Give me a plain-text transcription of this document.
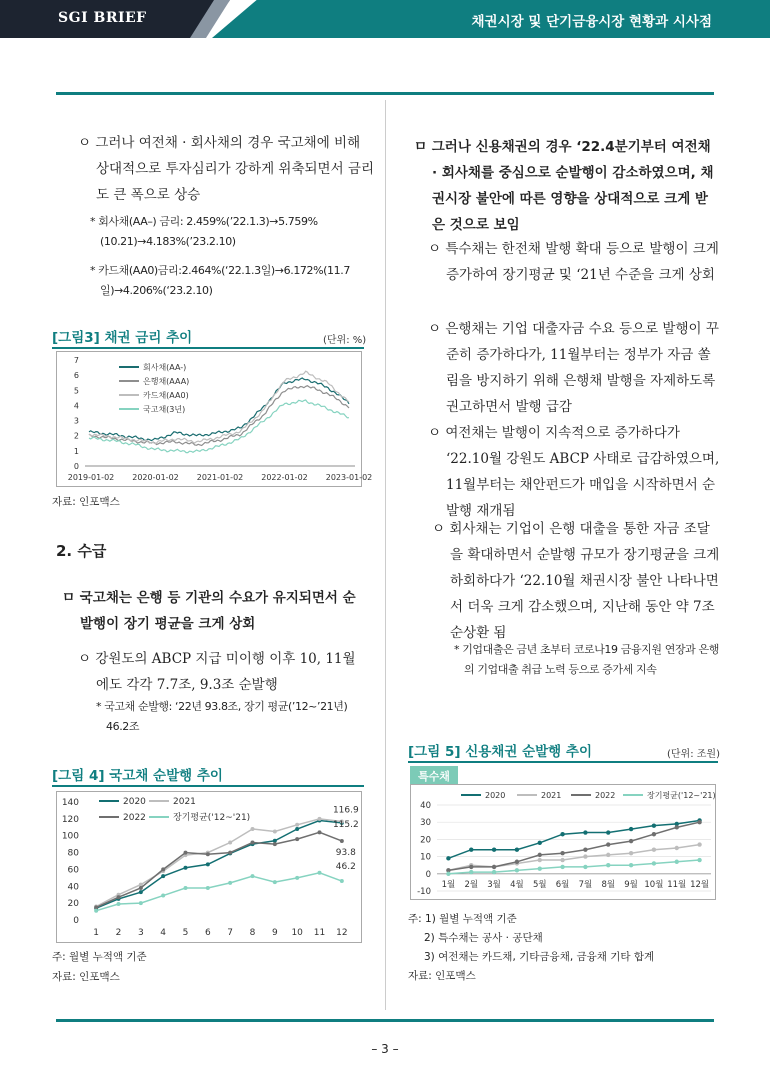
SGI BRIEF	채권시장 및 단기금융시장 현황과 시사점
ㅇ 그러나 여전채 · 회사채의 경우 국고채에 비해 상대적으로 투자심리가 강하게 위축되면서 금리도 큰 폭으로 상승
* 회사채(AA–) 금리: 2.459%(’22.1.3)→5.759%(10.21)→4.183%(’23.2.10)
* 카드채(AA0)금리:2.464%(‘22.1.3일)→6.172%(11.7일)→4.206%(‘23.2.10)
[그림3] 채권 금리 추이	(단위: %)
0
1
2
3
4
5
6
7
2019-01-02 2020-01-02 2021-01-02 2022-01-02 2023-01-02
회사채(AA-)
은행채(AAA)
카드채(AA0)
국고채(3년)
자료: 인포맥스
2. 수급
ㅁ 국고채는 은행 등 기관의 수요가 유지되면서 순발행이 장기 평균을 크게 상회
ㅇ 강원도의 ABCP 지급 미이행 이후 10, 11월에도 각각 7.7조, 9.3조 순발행
* 국고채 순발행: ‘22년 93.8조, 장기 평균(’12~’21년) 46.2조
[그림 4] 국고채 순발행 추이
0
20
40
60
80
100
120
140
1 2 3 4 5 6 7 8 9 10 11 12
2020	2021
2022	장기평균('12~'21)
116.9
115.2
93.8
46.2
주: 월별 누적액 기준
자료: 인포맥스
ㅁ 그러나 신용채권의 경우 ‘22.4분기부터 여전채 · 회사채를 중심으로 순발행이 감소하였으며, 채권시장 불안에 따른 영향을 상대적으로 크게 받은 것으로 보임
ㅇ 특수채는 한전채 발행 확대 등으로 발행이 크게 증가하여 장기평균 및 ‘21년 수준을 크게 상회
ㅇ 은행채는 기업 대출자금 수요 등으로 발행이 꾸준히 증가하다가, 11월부터는 정부가 자금 쏠림을 방지하기 위해 은행채 발행을 자제하도록 권고하면서 발행 급감
ㅇ 여전채는 발행이 지속적으로 증가하다가 ‘22.10월 강원도 ABCP 사태로 급감하였으며, 11월부터는 채안펀드가 매입을 시작하면서 순발행 재개됨
ㅇ 회사채는 기업이 은행 대출을 통한 자금 조달을 확대하면서 순발행 규모가 장기평균을 크게 하회하다가 ‘22.10월 채권시장 불안 나타나면서 더욱 크게 감소했으며, 지난해 동안 약 7조 순상환 됨
* 기업대출은 금년 초부터 코로나19 금융지원 연장과 은행의 기업대출 취급 노력 등으로 증가세 지속
[그림 5] 신용채권 순발행 추이	(단위: 조원)
특수채
-10
0
10
20
30
40
1월 2월 3월 4월 5월 6월 7월 8월 9월 10월 11월 12월
2020	2021	2022	장기평균('12~'21)
주: 1) 월별 누적액 기준
2) 특수채는 공사 · 공단채
3) 여전채는 카드채, 기타금융채, 금융채 기타 합계
자료: 인포맥스
– 3 –
